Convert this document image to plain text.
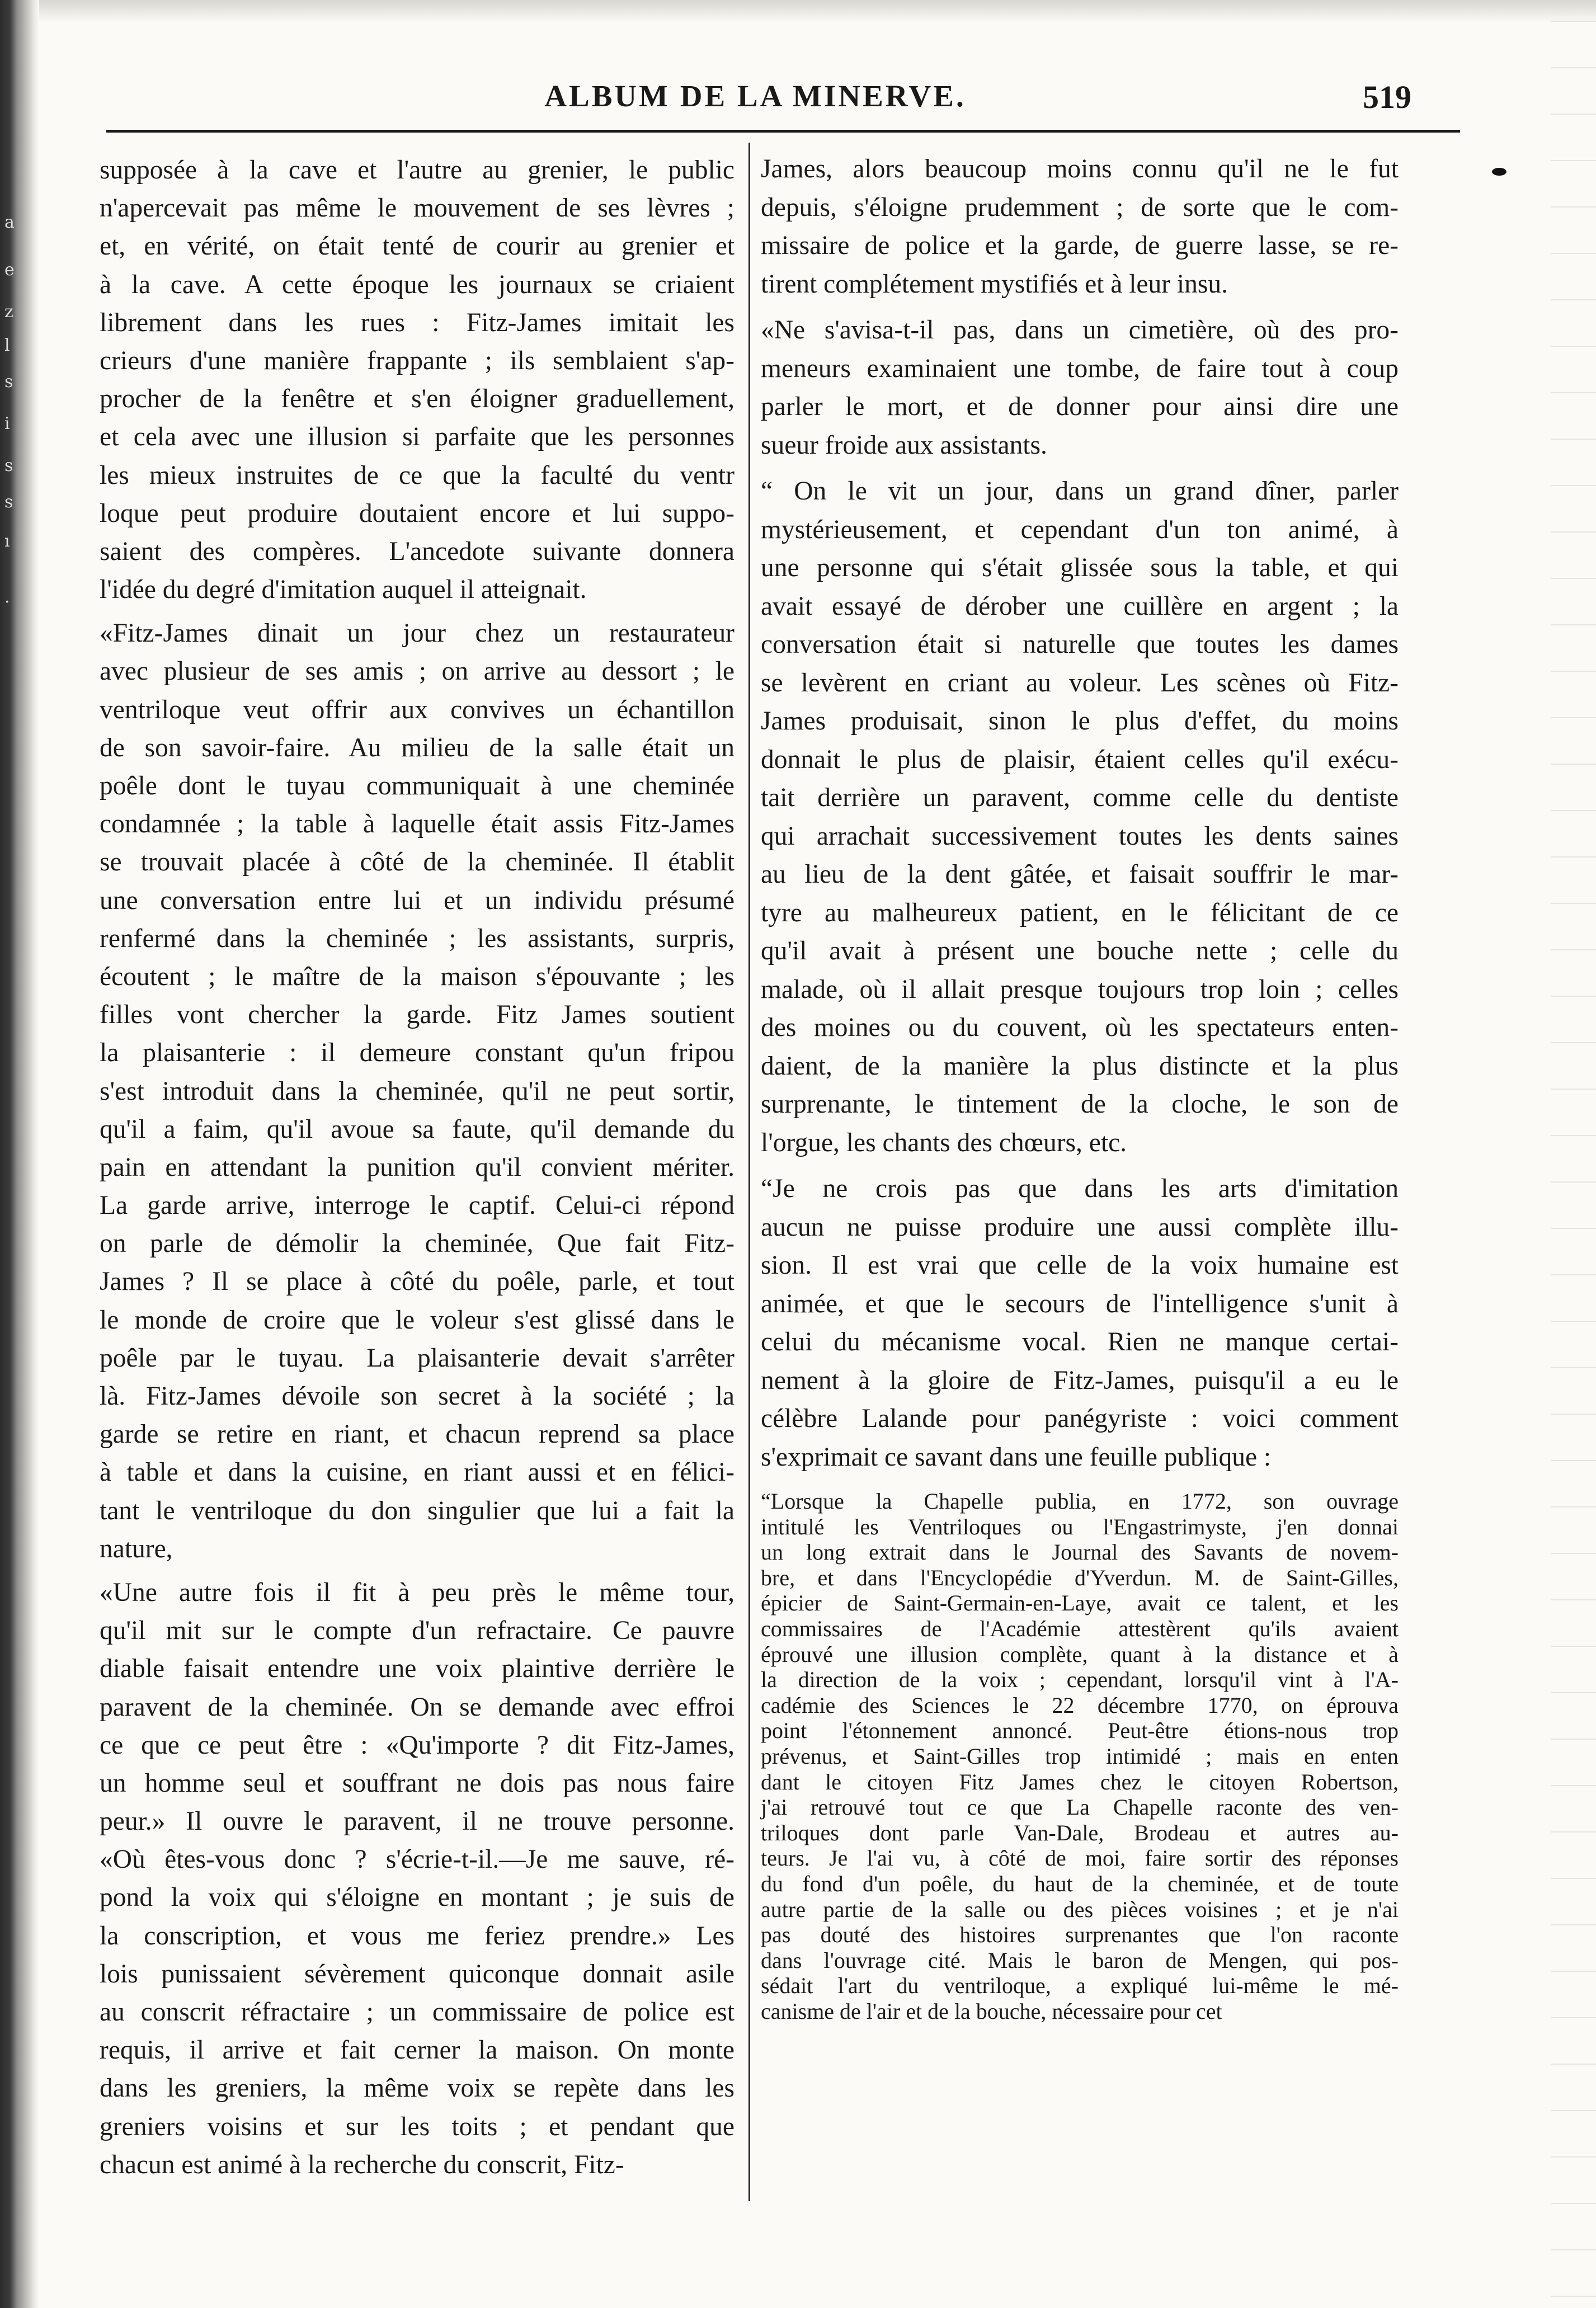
a
e
z
l
s
i
s
s
ı
.
ALBUM DE LA MINERVE.	519
supposée à la cave et l'autre au grenier, le public
n'apercevait pas même le mouvement de ses lèvres ;
et, en vérité, on était tenté de courir au grenier et
à la cave. A cette époque les journaux se criaient
librement dans les rues : Fitz-James imitait les
crieurs d'une manière frappante ; ils semblaient s'ap-
procher de la fenêtre et s'en éloigner graduellement,
et cela avec une illusion si parfaite que les personnes
les mieux instruites de ce que la faculté du ventr
loque peut produire doutaient encore et lui suppo-
saient des compères. L'ancedote suivante donnera
l'idée du degré d'imitation auquel il atteignait.
«Fitz-James dinait un jour chez un restaurateur
avec plusieur de ses amis ; on arrive au dessort ; le
ventriloque veut offrir aux convives un échantillon
de son savoir-faire. Au milieu de la salle était un
poêle dont le tuyau communiquait à une cheminée
condamnée ; la table à laquelle était assis Fitz-James
se trouvait placée à côté de la cheminée. Il établit
une conversation entre lui et un individu présumé
renfermé dans la cheminée ; les assistants, surpris,
écoutent ; le maître de la maison s'épouvante ; les
filles vont chercher la garde. Fitz James soutient
la plaisanterie : il demeure constant qu'un fripou
s'est introduit dans la cheminée, qu'il ne peut sortir,
qu'il a faim, qu'il avoue sa faute, qu'il demande du
pain en attendant la punition qu'il convient mériter.
La garde arrive, interroge le captif. Celui-ci répond
on parle de démolir la cheminée, Que fait Fitz-
James ? Il se place à côté du poêle, parle, et tout
le monde de croire que le voleur s'est glissé dans le
poêle par le tuyau. La plaisanterie devait s'arrêter
là. Fitz-James dévoile son secret à la société ; la
garde se retire en riant, et chacun reprend sa place
à table et dans la cuisine, en riant aussi et en félici-
tant le ventriloque du don singulier que lui a fait la
nature,
«Une autre fois il fit à peu près le même tour,
qu'il mit sur le compte d'un refractaire. Ce pauvre
diable faisait entendre une voix plaintive derrière le
paravent de la cheminée. On se demande avec effroi
ce que ce peut être : «Qu'importe ? dit Fitz-James,
un homme seul et souffrant ne dois pas nous faire
peur.» Il ouvre le paravent, il ne trouve personne.
«Où êtes-vous donc ? s'écrie-t-il.—Je me sauve, ré-
pond la voix qui s'éloigne en montant ; je suis de
la conscription, et vous me feriez prendre.» Les
lois punissaient sévèrement quiconque donnait asile
au conscrit réfractaire ; un commissaire de police est
requis, il arrive et fait cerner la maison. On monte
dans les greniers, la même voix se repète dans les
greniers voisins et sur les toits ; et pendant que
chacun est animé à la recherche du conscrit, Fitz-
James, alors beaucoup moins connu qu'il ne le fut
depuis, s'éloigne prudemment ; de sorte que le com-
missaire de police et la garde, de guerre lasse, se re-
tirent complétement mystifiés et à leur insu.
«Ne s'avisa-t-il pas, dans un cimetière, où des pro-
meneurs examinaient une tombe, de faire tout à coup
parler le mort, et de donner pour ainsi dire une
sueur froide aux assistants.
“ On le vit un jour, dans un grand dîner, parler
mystérieusement, et cependant d'un ton animé, à
une personne qui s'était glissée sous la table, et qui
avait essayé de dérober une cuillère en argent ; la
conversation était si naturelle que toutes les dames
se levèrent en criant au voleur. Les scènes où Fitz-
James produisait, sinon le plus d'effet, du moins
donnait le plus de plaisir, étaient celles qu'il exécu-
tait derrière un paravent, comme celle du dentiste
qui arrachait successivement toutes les dents saines
au lieu de la dent gâtée, et faisait souffrir le mar-
tyre au malheureux patient, en le félicitant de ce
qu'il avait à présent une bouche nette ; celle du
malade, où il allait presque toujours trop loin ; celles
des moines ou du couvent, où les spectateurs enten-
daient, de la manière la plus distincte et la plus
surprenante, le tintement de la cloche, le son de
l'orgue, les chants des chœurs, etc.
“Je ne crois pas que dans les arts d'imitation
aucun ne puisse produire une aussi complète illu-
sion. Il est vrai que celle de la voix humaine est
animée, et que le secours de l'intelligence s'unit à
celui du mécanisme vocal. Rien ne manque certai-
nement à la gloire de Fitz-James, puisqu'il a eu le
célèbre Lalande pour panégyriste : voici comment
s'exprimait ce savant dans une feuille publique :
“Lorsque la Chapelle publia, en 1772, son ouvrage
intitulé les Ventriloques ou l'Engastrimyste, j'en donnai
un long extrait dans le Journal des Savants de novem-
bre, et dans l'Encyclopédie d'Yverdun. M. de Saint-Gilles,
épicier de Saint-Germain-en-Laye, avait ce talent, et les
commissaires de l'Académie attestèrent qu'ils avaient
éprouvé une illusion complète, quant à la distance et à
la direction de la voix ; cependant, lorsqu'il vint à l'A-
cadémie des Sciences le 22 décembre 1770, on éprouva
point l'étonnement annoncé. Peut-être étions-nous trop
prévenus, et Saint-Gilles trop intimidé ; mais en enten
dant le citoyen Fitz James chez le citoyen Robertson,
j'ai retrouvé tout ce que La Chapelle raconte des ven-
triloques dont parle Van-Dale, Brodeau et autres au-
teurs. Je l'ai vu, à côté de moi, faire sortir des réponses
du fond d'un poêle, du haut de la cheminée, et de toute
autre partie de la salle ou des pièces voisines ; et je n'ai
pas douté des histoires surprenantes que l'on raconte
dans l'ouvrage cité. Mais le baron de Mengen, qui pos-
sédait l'art du ventriloque, a expliqué lui-même le mé-
canisme de l'air et de la bouche, nécessaire pour cet
